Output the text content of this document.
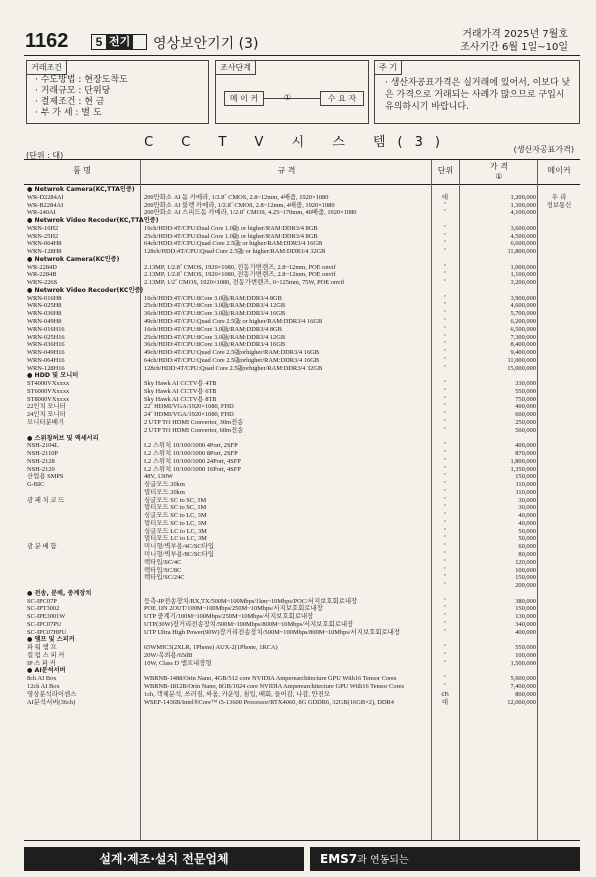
1162	5 전기 영상보안기기 (3)
거래가격 2025년 7월호
조사기간 6월 1일~10일
거래조건
· 수도방법 : 현장도착도
· 거래규모 : 단위당
· 결제조건 : 현 금
· 부 가 세 : 별 도
조사단계
메 이 커	①	수 요 자
주 기

· 생산자공표가격은 실거래에 있어서, 이보다 낮은 가격으로 거래되는 사례가 많으므로 구입시 유의하시기 바랍니다.

C C T V 시 스 템(3)
(단위 : 대)
(생산자공표가격)
품 명	규 격	단위	가 격
①
메이커
● Netwrok Camera(KC,TTA인증)
WR-D2284AI	200만화소 AI 돔 카메라, 1/2.8˝ CMOS, 2.8~12mm, 4배줌, 1920×1080	대	1,200,000	우 리
WR-B2284AI	200만화소 AI 불렛 카메라, 1/2.8˝ CMOS, 2.8~12mm, 4배줌, 1920×1080	″	1,300,000	정보통신
WR-240AI	200만화소 AI 스피드돔 카메라, 1/2.8˝ CMOS, 4.25~170mm, 40배줌, 1920×1080	″	4,100,000
● Netwrok Video Recoder(KC,TTA인증)
WRN-16H2	16ch/HDD:4T/CPU:Dual Core 1.0㎓ or higher/RAM:DDR3/4 8GB	″	3,600,000
WRN-25H2	25ch/HDD:4T/CPU:Dual Core 1.0㎓ or higher/RAM:DDR3/4 8GB	″	4,500,000
WRN-064H8	64ch/HDD:4T/CPU:Quad Core 2.5㎓ or higher/RAM:DDR3/4 16GB	″	6,600,000
WRN-128H8	128ch/HDD:4T/CPU:Quad Core 2.5㎓ or higher/RAM:DDR3/4 32GB	″	11,800,000
● Netwrok Camera(KC인증)
WR-2284D	2.13MP, 1/2.8˝ CMOS, 1920×1080, 전동가변렌즈, 2.8~12mm, POE onvif	″	1,000,000
WR-2284B	2.13MP, 1/2.8˝ CMOS, 1920×1080, 전동가변렌즈, 2.8~12mm, POE onvif	″	1,100,000
WRN-226S	2.13MP, 1/2˝ CMOS, 1920×1080, 전동가변렌즈, 6~125mm, 75W, POE onvif	″	3,200,000
● Netwrok Video Recoder(KC인증)
WRN-016H8	16ch/HDD:4T/CPU:8Core 3.0㎓/RAM:DDR3/4 8GB	″	3,900,000
WRN-025H8	25ch/HDD:4T/CPU:8Core 3.0㎓/RAM:DDR3/4 12GB	″	4,600,000
WRN-036H8	36ch/HDD:4T/CPU:8Core 3.0㎓/RAM:DDR3/4 16GB	″	5,700,000
WRN-049H8	49ch/HDD:4T/CPU:Quad Core 2.5㎓ or higher/RAM:DDR3/4 16GB	″	6,200,000
WRN-016H16	16ch/HDD:4T/CPU:8Core 3.0㎓/RAM:DDR3/4 8GB	″	6,500,000
WRN-025H16	25ch/HDD:4T/CPU:8Core 3.0㎓/RAM:DDR3/4 12GB	″	7,300,000
WRN-036H16	36ch/HDD:4T/CPU:8Core 3.0㎓/RAM:DDR3/4 16GB	″	8,400,000
WRN-049H16	49ch/HDD:4T/CPU:Quad Core 2.5㎓orhigher/RAM:DDR3/4 16GB	″	9,400,000
WRN-064H16	64ch/HDD:4T/CPU:Quad Core 2.5㎓orhigher/RAM:DDR3/4 16GB	″	11,000,000
WRN-128H16	128ch/HDD:4T/CPU:Quad Core 2.5㎓orhigher/RAM:DDR3/4 32GB	″	15,000,000
● HDD 및 모니터
ST4000VXxxxx	Sky Hawk AI CCTV용 4TB	″	330,000
ST6000VXxxxx	Sky Hawk AI CCTV용 6TB	″	550,000
ST8000VXxxxx	Sky Hawk AI CCTV용 8TB	″	750,000
22인치 모니터	22˝ HDMI/VGA/1920×1080, FHD	″	400,000
24인치 모니터	24˝ HDMI/VGA/1920×1080, FHD	″	600,000
모니터분배기	2 UTP TO HDMI Convertor, 30m전송	″	250,000
2 UTP TO HDMI Convertor, 60m전송	″	500,000
● 스위칭허브 및 액세서리
NSH-2104L	L2 스위치 10/100/1000 4Port, 2SFP	″	400,000
NSH-2110P	L2 스위치 10/100/1000 8Port, 2SFP	″	870,000
NSH-2128	L2 스위치 10/100/1000 24Port, 4SFP	″	1,800,000
NSH-2120	L2 스위치 10/100/1000 16Port, 4SFP	″	1,350,000
산업용 SMPS	48V, 130W	″	150,000
G-BIC	싱글모드 20km	″	110,000
멀티모드 20km	″	110,000
광 패 치 코 드	싱글모드 SC to SC, 3M	″	30,000
멀티모드 SC to SC, 3M	″	30,000
싱글모드 SC to LC, 3M	″	40,000
멀티모드 SC to LC, 3M	″	40,000
싱글모드 LC to LC, 3M	″	50,000
멀티모드 LC to LC, 3M	″	50,000
광 분 배 함	미니형/벽부용/4C/SC타입	″	60,000
미니형/벽부용/8C/SC타입	″	80,000
랙타입/SC/4C	″	120,000
랙타입/SC/8C	″	100,000
랙타입/SC/24C	″	150,000
″	200,000
● 전송, 분배, 중계장치
SC-IPC07P	등측-IP전송장치/RX,TX/500M~100Mbps/1km~10Mbps/POC/서지보호회로내장	″	380,000
SC-IPT3002	POE 1IN 2OUT/100M~100Mbps/250M~10Mbps/서지보호회로내장	″	150,000
SC-IPE3001W	UTP 중계기/100M~100Mbps/250M~10Mbps/서지보호회로내장	″	130,000
SC-IPC07PU	UTP(30W)장거리전송장치/500M~100Mbps/800M~10Mbps/서지보호회로내장	″	340,000
SC-IPC07HPU	UTP Ultra High Power(90W)장거리전송장치/500M~100Mbps/800M~10Mbps/서지보호회로내장	″	400,000
● 앰프 및 스피커
파 워 앰 프	65WMIC3(2XLR, 1Phone) AUX-2(1Phone, 1RCA)	″	550,000
컬 럼 스 피 커	20W/옥외용/65dB	″	100,000
IP 스 피 커	10W, Class D 앰프내장형	″	1,500,000
● AI분석서버
8ch AI Box	WBRNB-1488/Orin Nano, 4GB/512 core NVIDIA Amperearchitecture GPU With16 Tensor Cores	″	5,600,000
12ch AI Box	WBRNB-1812B/Orin Nano, 8GB/1024 core NVIDIA Amperearchitecture GPU With16 Tensor Cores	″	7,400,000
영상분석라이센스	1ch, 객체분석, 쓰러짐, 싸움, 카운팅, 침입, 배회, 들어감, 나감, 안전모	ch	800,000
AI분석서버(36ch)	WSEF-1436B/Intel®Core™ i5-13600 Processor/RTX4060, 8G GDDR6, 32GB(16GB×2), DDR4	대	12,000,000
설계·제조·설치 전문업체	EMS7과 연동되는
